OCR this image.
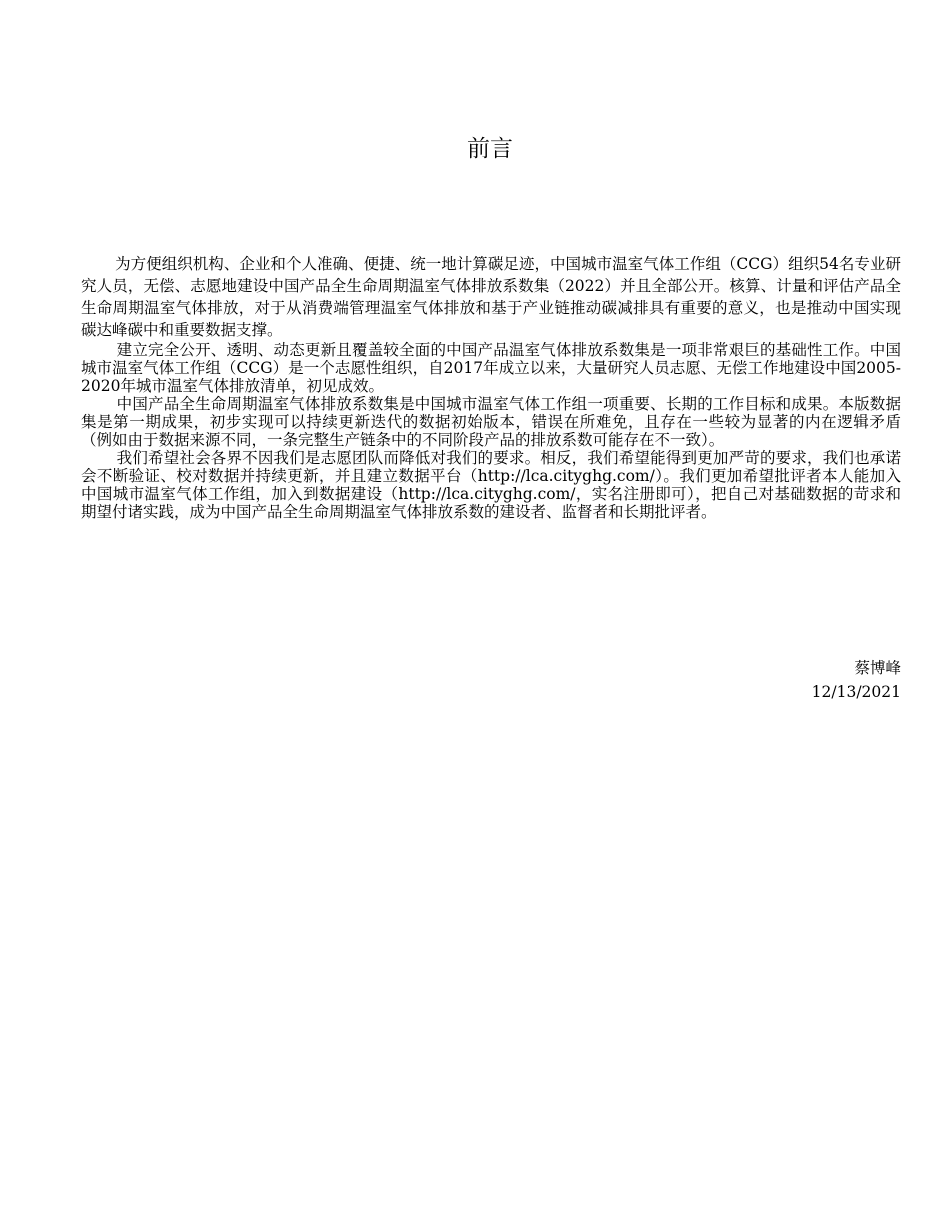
前言

为方便组织机构、企业和个人准确、便捷、统一地计算碳足迹，中国城市温室气体工作组（CCG）组织54名专业研究人员，无偿、志愿地建设中国产品全生命周期温室气体排放系数集（2022）并且全部公开。核算、计量和评估产品全生命周期温室气体排放，对于从消费端管理温室气体排放和基于产业链推动碳减排具有重要的意义，也是推动中国实现碳达峰碳中和重要数据支撑。

建立完全公开、透明、动态更新且覆盖较全面的中国产品温室气体排放系数集是一项非常艰巨的基础性工作。中国城市温室气体工作组（CCG）是一个志愿性组织，自2017年成立以来，大量研究人员志愿、无偿工作地建设中国2005-2020年城市温室气体排放清单，初见成效。

中国产品全生命周期温室气体排放系数集是中国城市温室气体工作组一项重要、长期的工作目标和成果。本版数据集是第一期成果，初步实现可以持续更新迭代的数据初始版本，错误在所难免，且存在一些较为显著的内在逻辑矛盾（例如由于数据来源不同，一条完整生产链条中的不同阶段产品的排放系数可能存在不一致）。

我们希望社会各界不因我们是志愿团队而降低对我们的要求。相反，我们希望能得到更加严苛的要求，我们也承诺会不断验证、校对数据并持续更新，并且建立数据平台（http://lca.cityghg.com/）。我们更加希望批评者本人能加入中国城市温室气体工作组，加入到数据建设（http://lca.cityghg.com/，实名注册即可），把自己对基础数据的苛求和期望付诸实践，成为中国产品全生命周期温室气体排放系数的建设者、监督者和长期批评者。

蔡博峰
12/13/2021
